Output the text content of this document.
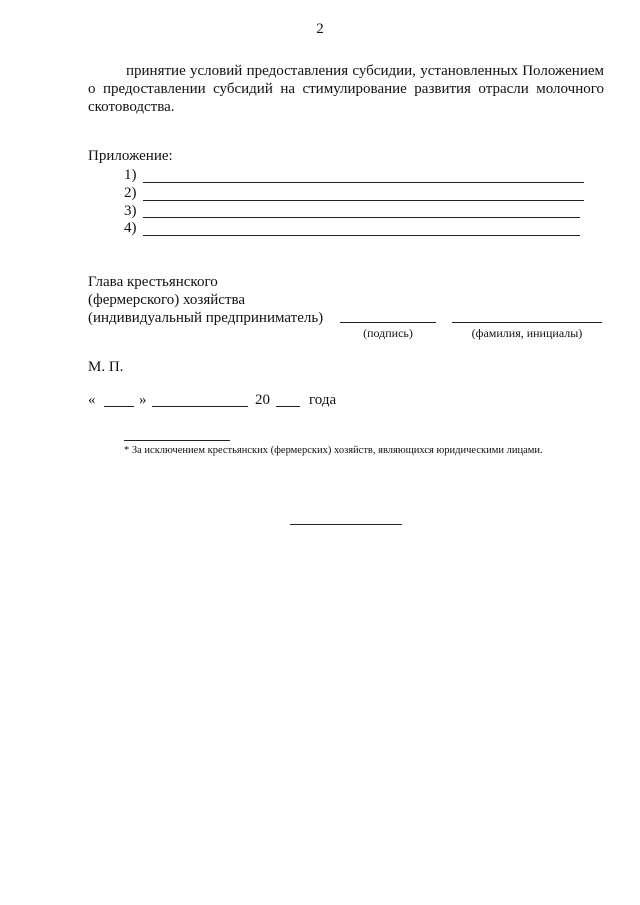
2
принятие условий предоставления субсидии, установленных Положением
о предоставлении субсидий на стимулирование развития отрасли молочного
скотоводства.
Приложение:
1)
2)
3)
4)
Глава крестьянского
(фермерского) хозяйства
(индивидуальный предприниматель)
(подпись)	(фамилия, инициалы)
М. П.
«	»	20	года
* За исключением крестьянских (фермерских) хозяйств, являющихся юридическими лицами.
